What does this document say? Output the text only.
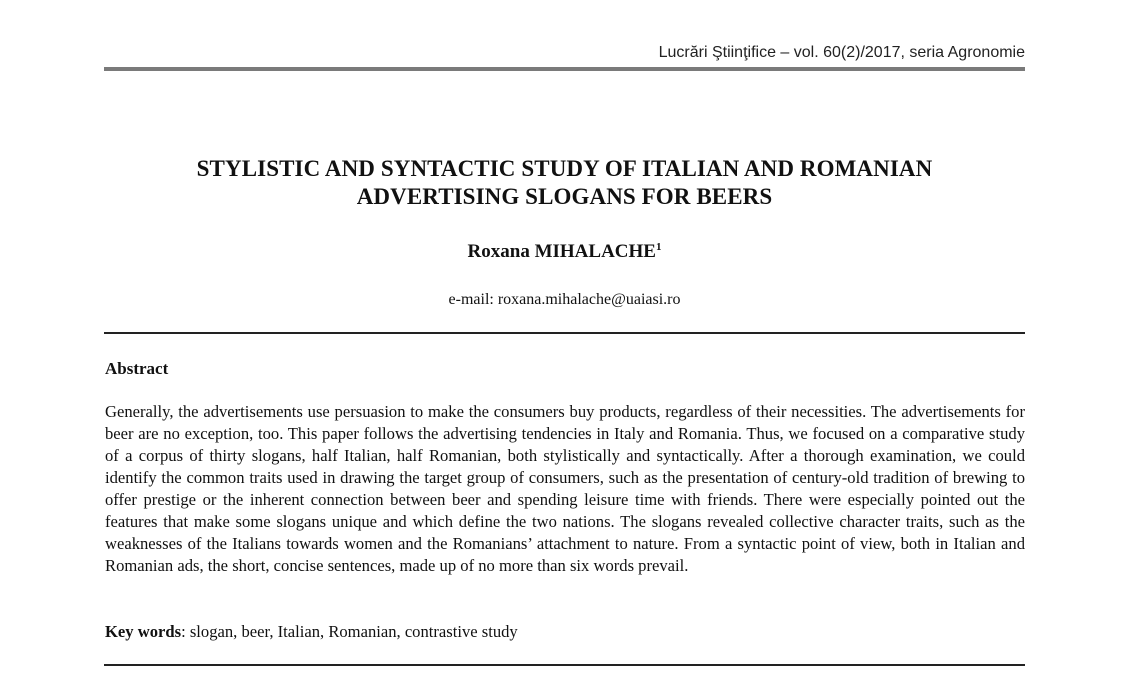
Lucrări Ştiinţifice – vol. 60(2)/2017, seria Agronomie
STYLISTIC AND SYNTACTIC STUDY OF ITALIAN AND ROMANIAN
ADVERTISING SLOGANS FOR BEERS
Roxana MIHALACHE$^1$
e-mail: roxana.mihalache@uaiasi.ro
Abstract
Generally, the advertisements use persuasion to make the consumers buy products, regardless of their necessities. The advertisements for beer are no exception, too. This paper follows the advertising tendencies in Italy and Romania. Thus, we focused on a comparative study of a corpus of thirty slogans, half Italian, half Romanian, both stylistically and syntactically. After a thorough examination, we could identify the common traits used in drawing the target group of consumers, such as the presentation of century-old tradition of brewing to offer prestige or the inherent connection between beer and spending leisure time with friends. There were especially pointed out the features that make some slogans unique and which define the two nations. The slogans revealed collective character traits, such as the weaknesses of the Italians towards women and the Romanians’ attachment to nature. From a syntactic point of view, both in Italian and Romanian ads, the short, concise sentences, made up of no more than six words prevail.
Key words: slogan, beer, Italian, Romanian, contrastive study
